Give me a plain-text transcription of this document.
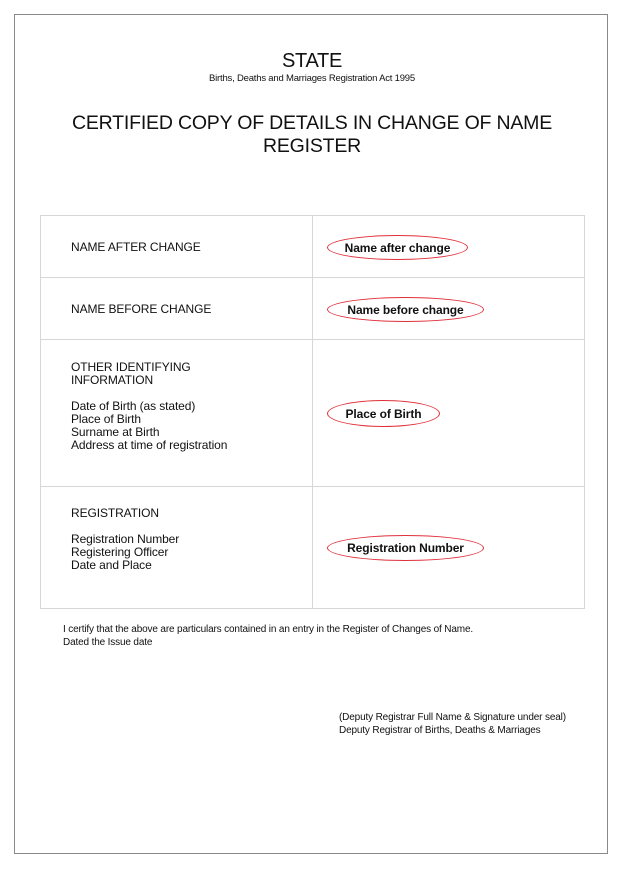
STATE
Births, Deaths and Marriages Registration Act 1995
CERTIFIED COPY OF DETAILS IN CHANGE OF NAME REGISTER
NAME AFTER CHANGE	Name after change
NAME BEFORE CHANGE	Name before change
OTHER IDENTIFYING
INFORMATION
Date of Birth (as stated)
Place of Birth
Surname at Birth
Address at time of registration
Place of Birth
REGISTRATION
Registration Number
Registering Officer
Date and Place
Registration Number
I certify that the above are particulars contained in an entry in the Register of Changes of Name.
Dated the Issue date
(Deputy Registrar Full Name & Signature under seal)
Deputy Registrar of Births, Deaths & Marriages
